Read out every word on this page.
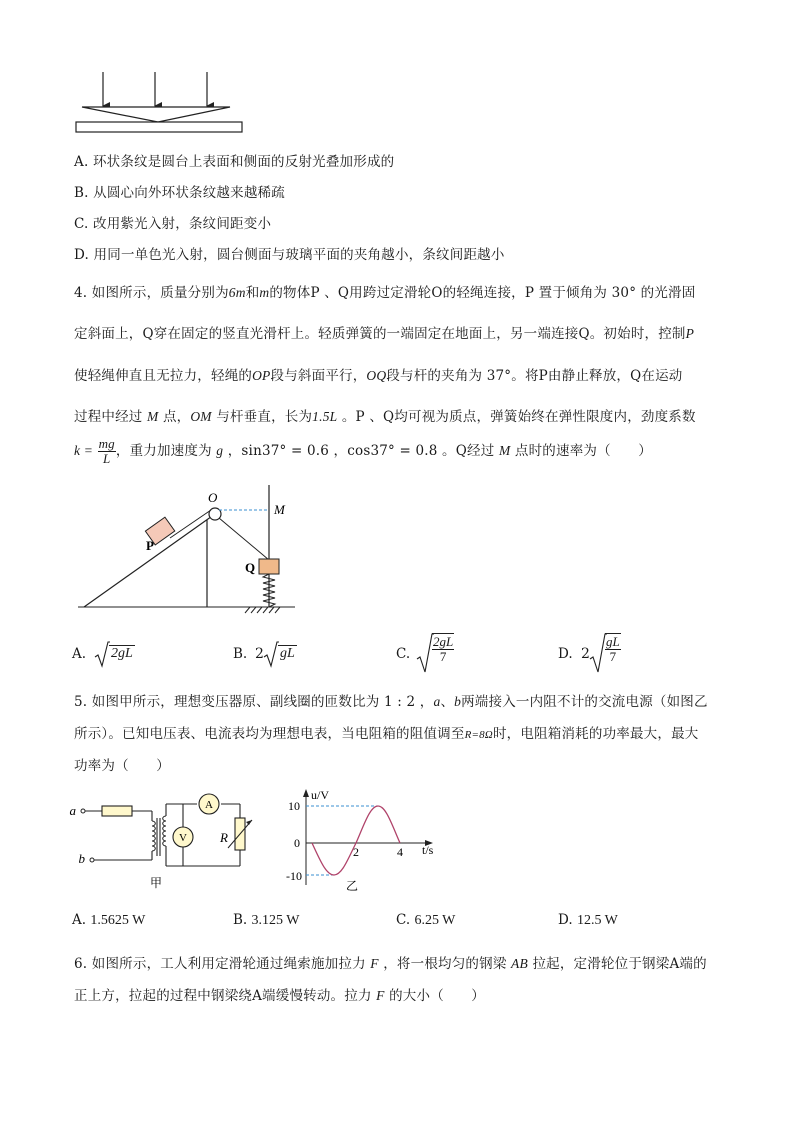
A. 环状条纹是圆台上表面和侧面的反射光叠加形成的
B. 从圆心向外环状条纹越来越稀疏
C. 改用紫光入射，条纹间距变小
D. 用同一单色光入射，圆台侧面与玻璃平面的夹角越小，条纹间距越小
4. 如图所示，质量分别为6m和m的物体P 、Q用跨过定滑轮O的轻绳连接，P 置于倾角为 30° 的光滑固
定斜面上，Q穿在固定的竖直光滑杆上。轻质弹簧的一端固定在地面上，另一端连接Q。初始时，控制P
使轻绳伸直且无拉力，轻绳的OP段与斜面平行，OQ段与杆的夹角为 37°。将P由静止释放，Q在运动
过程中经过 M 点，OM 与杆垂直，长为1.5L 。P 、Q均可视为质点，弹簧始终在弹性限度内，劲度系数
$k = \frac{mg}{L}$ ，重力加速度为 g ，sin37° = 0.6 ，cos37° = 0.8 。Q经过 M 点时的速率为（　　）
O
M
P
Q
A. 2gL	B. 2 gL	C. $\frac{2gL}{7}$	D. $2 \frac{gL}{7}$
5. 如图甲所示，理想变压器原、副线圈的匝数比为 1 : 2 ，a、b两端接入一内阻不计的交流电源（如图乙
所示）。已知电压表、电流表均为理想电表，当电阻箱的阻值调至R=8Ω时，电阻箱消耗的功率最大，最大
功率为（　　）
a
b
A
V	R
甲
u/V
t/s
10
0
-10
2	4
乙
A. 1.5625 W	B. 3.125 W	C. 6.25 W	D. 12.5 W
6. 如图所示，工人利用定滑轮通过绳索施加拉力 F ，将一根均匀的钢梁 AB 拉起，定滑轮位于钢梁A端的
正上方，拉起的过程中钢梁绕A端缓慢转动。拉力 F 的大小（　　）
